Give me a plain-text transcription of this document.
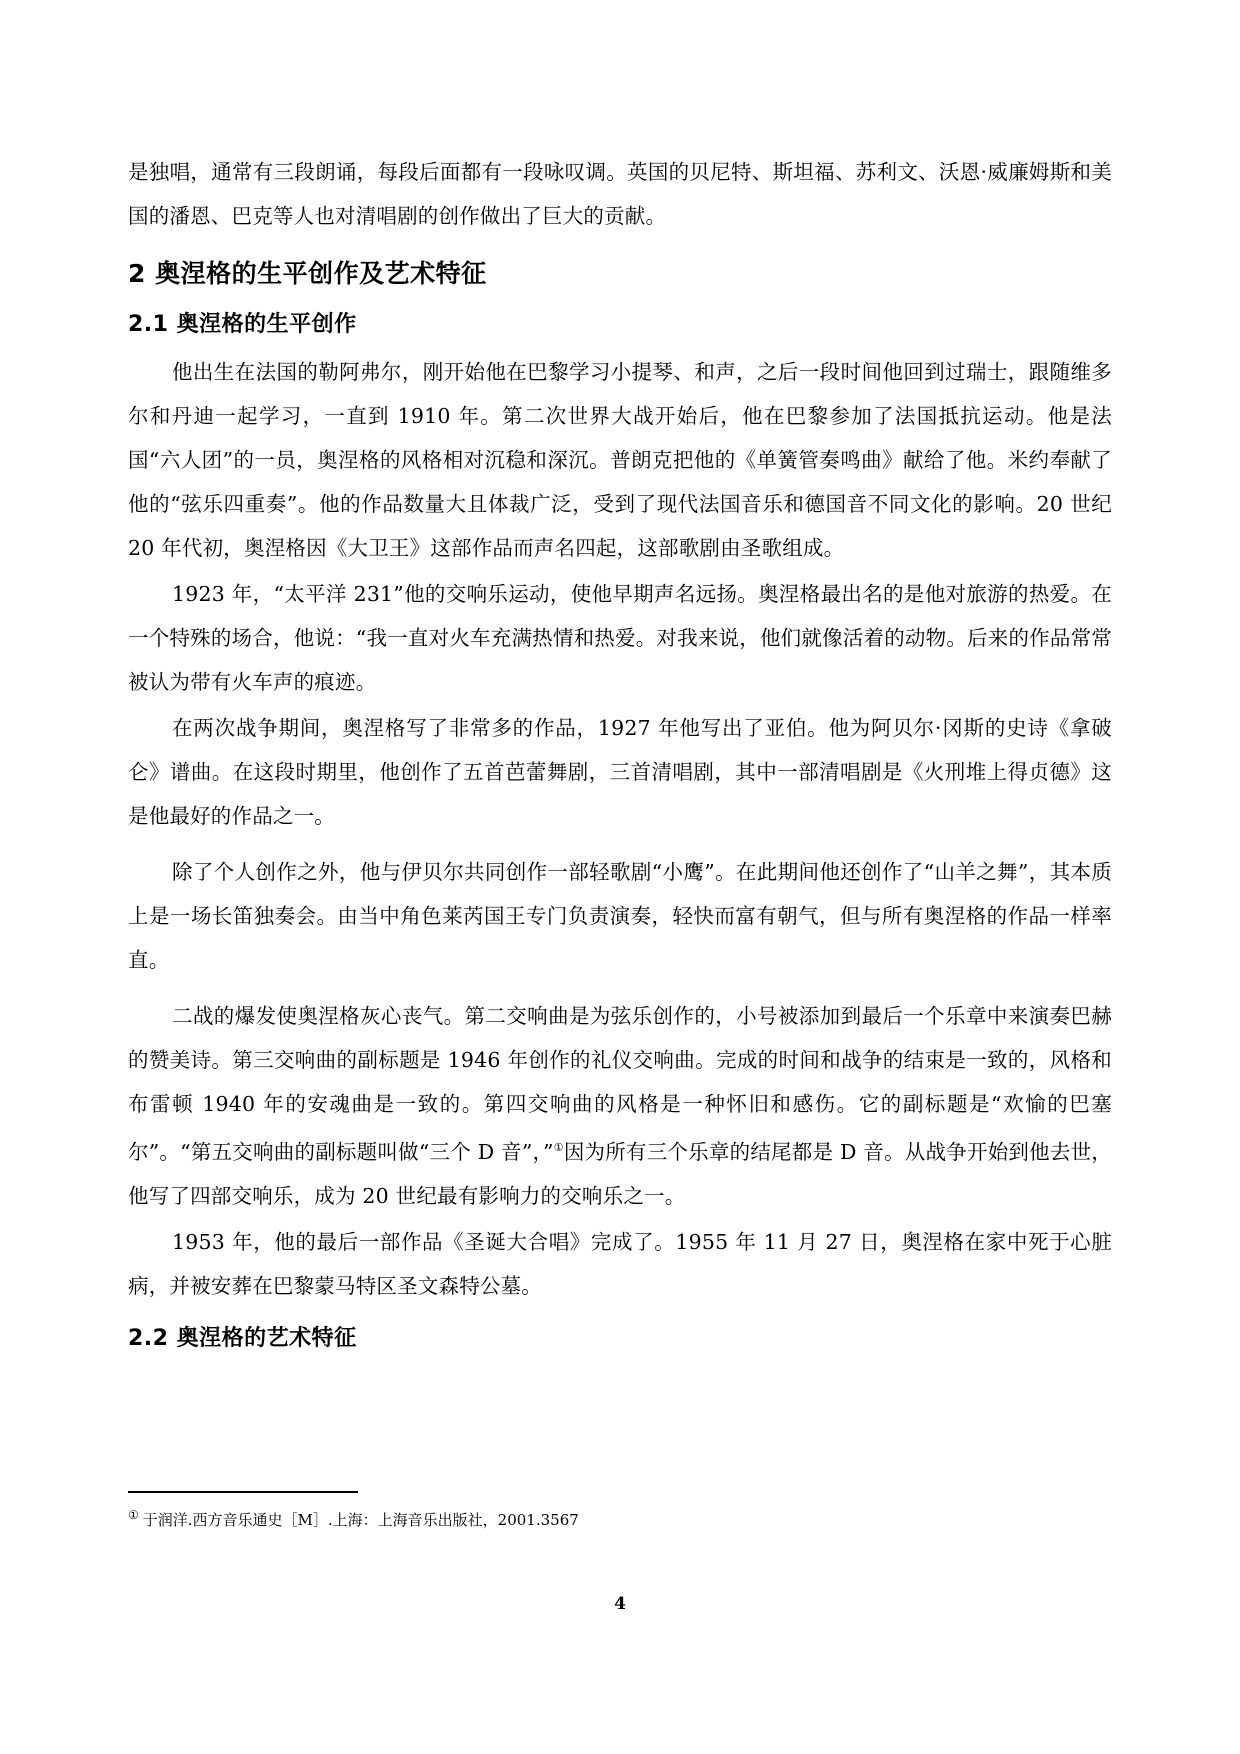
是独唱，通常有三段朗诵，每段后面都有一段咏叹调。英国的贝尼特、斯坦福、苏利文、沃恩·威廉姆斯和美国的潘恩、巴克等人也对清唱剧的创作做出了巨大的贡献。

2 奥涅格的生平创作及艺术特征
2.1 奥涅格的生平创作

他出生在法国的勒阿弗尔，刚开始他在巴黎学习小提琴、和声，之后一段时间他回到过瑞士，跟随维多尔和丹迪一起学习，一直到 1910 年。第二次世界大战开始后，他在巴黎参加了法国抵抗运动。他是法国“六人团”的一员，奥涅格的风格相对沉稳和深沉。普朗克把他的《单簧管奏鸣曲》献给了他。米约奉献了他的“弦乐四重奏”。他的作品数量大且体裁广泛，受到了现代法国音乐和德国音不同文化的影响。20 世纪 20 年代初，奥涅格因《大卫王》这部作品而声名四起，这部歌剧由圣歌组成。

1923 年，“太平洋 231”他的交响乐运动，使他早期声名远扬。奥涅格最出名的是他对旅游的热爱。在一个特殊的场合，他说：“我一直对火车充满热情和热爱。对我来说，他们就像活着的动物。后来的作品常常被认为带有火车声的痕迹。

在两次战争期间，奥涅格写了非常多的作品，1927 年他写出了亚伯。他为阿贝尔·冈斯的史诗《拿破仑》谱曲。在这段时期里，他创作了五首芭蕾舞剧，三首清唱剧，其中一部清唱剧是《火刑堆上得贞德》这是他最好的作品之一。

除了个人创作之外，他与伊贝尔共同创作一部轻歌剧“小鹰”。在此期间他还创作了“山羊之舞”，其本质上是一场长笛独奏会。由当中角色莱芮国王专门负责演奏，轻快而富有朝气，但与所有奥涅格的作品一样率直。

二战的爆发使奥涅格灰心丧气。第二交响曲是为弦乐创作的，小号被添加到最后一个乐章中来演奏巴赫的赞美诗。第三交响曲的副标题是 1946 年创作的礼仪交响曲。完成的时间和战争的结束是一致的，风格和布雷顿 1940 年的安魂曲是一致的。第四交响曲的风格是一种怀旧和感伤。它的副标题是“欢愉的巴塞尔”。“第五交响曲的副标题叫做“三个 D 音”，”①因为所有三个乐章的结尾都是 D 音。从战争开始到他去世，他写了四部交响乐，成为 20 世纪最有影响力的交响乐之一。

1953 年，他的最后一部作品《圣诞大合唱》完成了。1955 年 11 月 27 日，奥涅格在家中死于心脏病，并被安葬在巴黎蒙马特区圣文森特公墓。

2.2 奥涅格的艺术特征
① 于润洋.西方音乐通史［M］.上海：上海音乐出版社，2001.3567
4
